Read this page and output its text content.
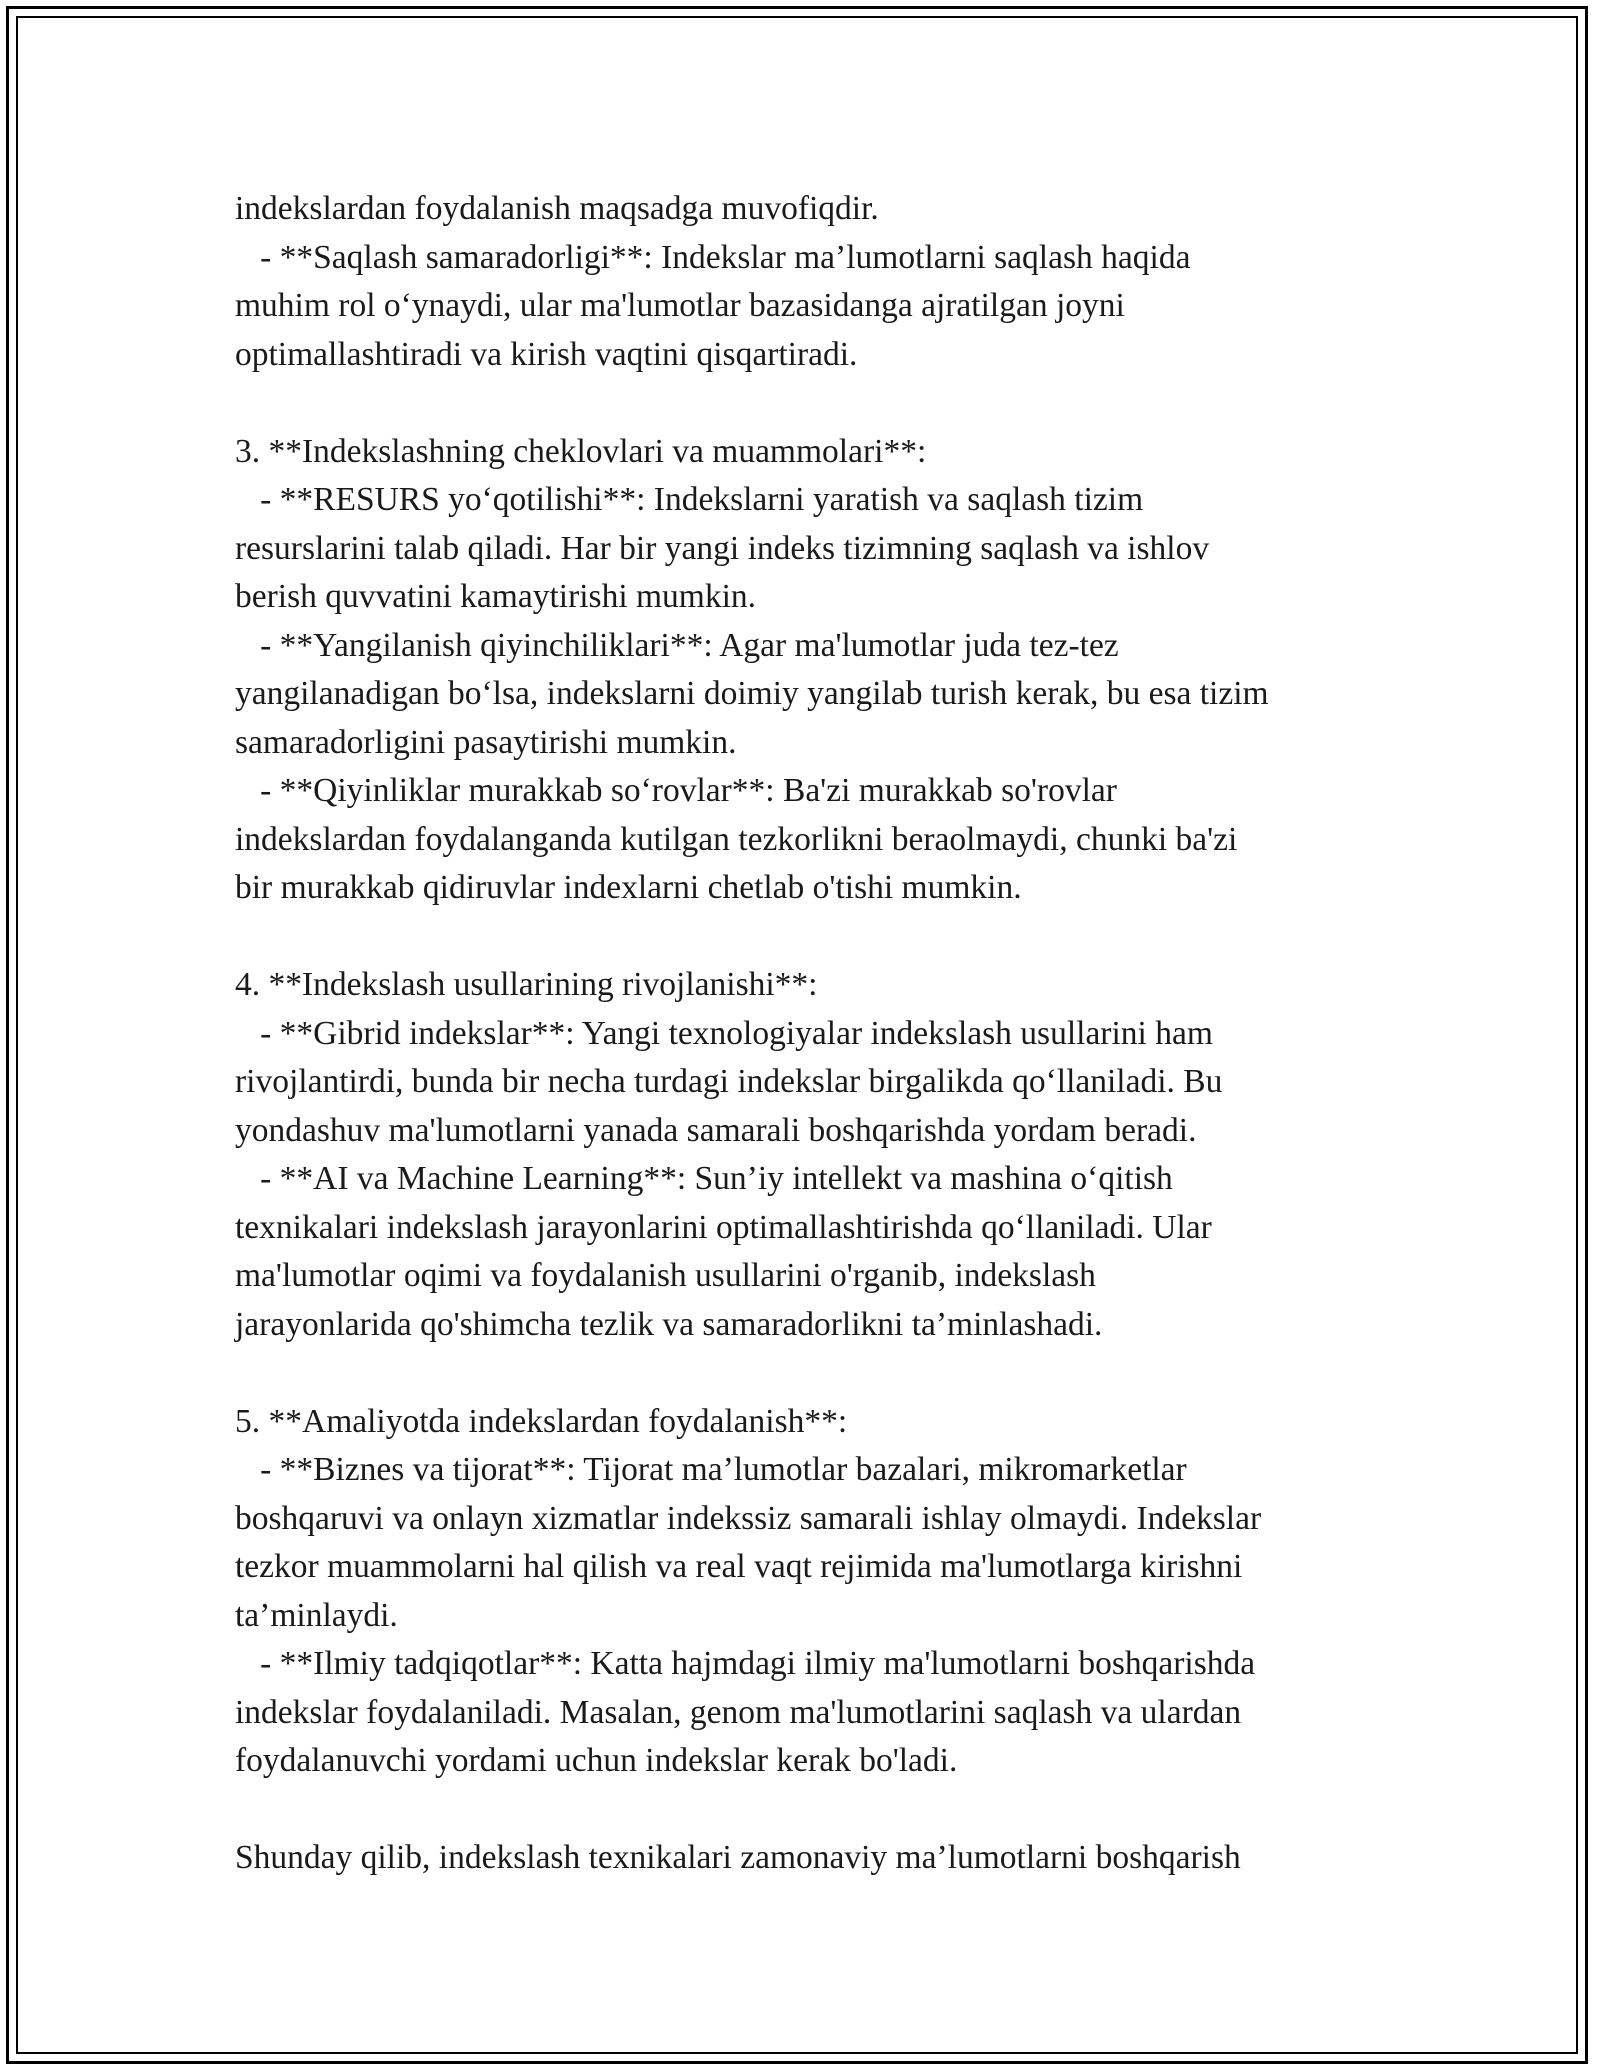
indekslardan foydalanish maqsadga muvofiqdir.
- **Saqlash samaradorligi**: Indekslar ma’lumotlarni saqlash haqida
muhim rol o‘ynaydi, ular ma'lumotlar bazasidanga ajratilgan joyni
optimallashtiradi va kirish vaqtini qisqartiradi.
3. **Indekslashning cheklovlari va muammolari**:
- **RESURS yo‘qotilishi**: Indekslarni yaratish va saqlash tizim
resurslarini talab qiladi. Har bir yangi indeks tizimning saqlash va ishlov
berish quvvatini kamaytirishi mumkin.
- **Yangilanish qiyinchiliklari**: Agar ma'lumotlar juda tez-tez
yangilanadigan bo‘lsa, indekslarni doimiy yangilab turish kerak, bu esa tizim
samaradorligini pasaytirishi mumkin.
- **Qiyinliklar murakkab so‘rovlar**: Ba'zi murakkab so'rovlar
indekslardan foydalanganda kutilgan tezkorlikni beraolmaydi, chunki ba'zi
bir murakkab qidiruvlar indexlarni chetlab o'tishi mumkin.
4. **Indekslash usullarining rivojlanishi**:
- **Gibrid indekslar**: Yangi texnologiyalar indekslash usullarini ham
rivojlantirdi, bunda bir necha turdagi indekslar birgalikda qo‘llaniladi. Bu
yondashuv ma'lumotlarni yanada samarali boshqarishda yordam beradi.
- **AI va Machine Learning**: Sun’iy intellekt va mashina o‘qitish
texnikalari indekslash jarayonlarini optimallashtirishda qo‘llaniladi. Ular
ma'lumotlar oqimi va foydalanish usullarini o'rganib, indekslash
jarayonlarida qo'shimcha tezlik va samaradorlikni ta’minlashadi.
5. **Amaliyotda indekslardan foydalanish**:
- **Biznes va tijorat**: Tijorat ma’lumotlar bazalari, mikromarketlar
boshqaruvi va onlayn xizmatlar indekssiz samarali ishlay olmaydi. Indekslar
tezkor muammolarni hal qilish va real vaqt rejimida ma'lumotlarga kirishni
ta’minlaydi.
- **Ilmiy tadqiqotlar**: Katta hajmdagi ilmiy ma'lumotlarni boshqarishda
indekslar foydalaniladi. Masalan, genom ma'lumotlarini saqlash va ulardan
foydalanuvchi yordami uchun indekslar kerak bo'ladi.
Shunday qilib, indekslash texnikalari zamonaviy ma’lumotlarni boshqarish
